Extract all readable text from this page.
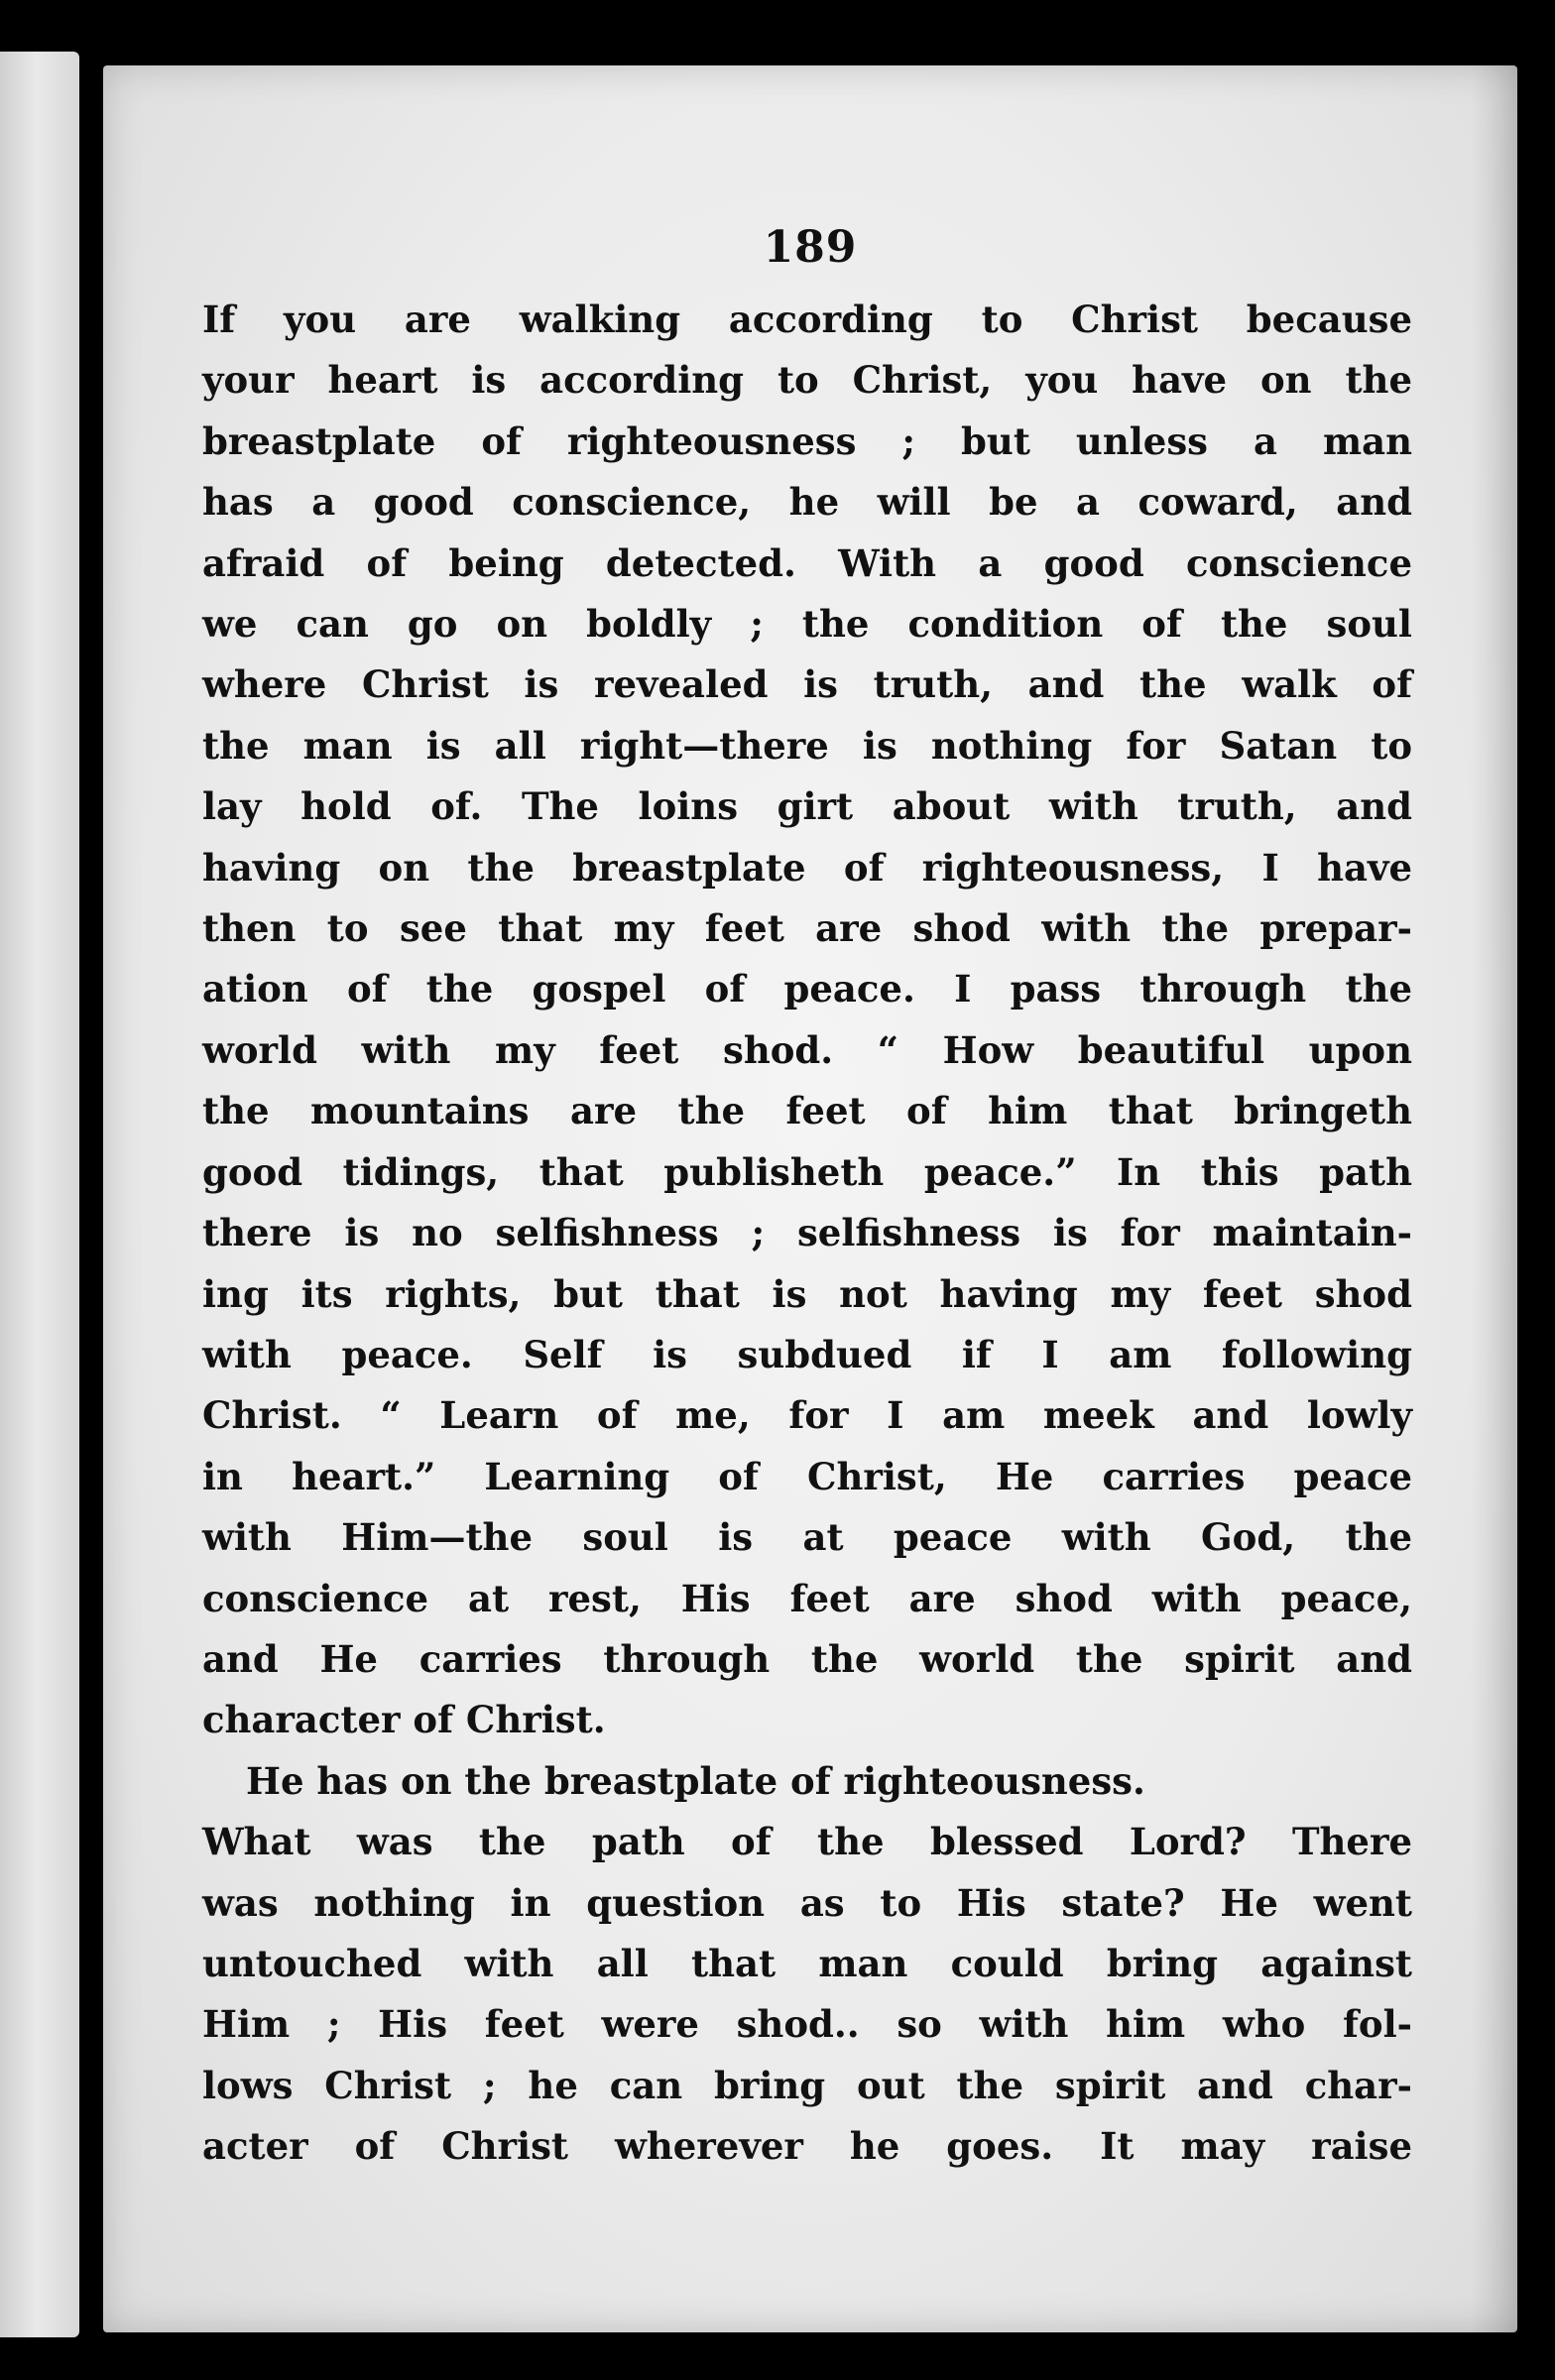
189
If you are walking according to Christ because
your heart is according to Christ, you have on the
breastplate of righteousness ; but unless a man
has a good conscience, he will be a coward, and
afraid of being detected. With a good conscience
we can go on boldly ; the condition of the soul
where Christ is revealed is truth, and the walk of
the man is all right—there is nothing for Satan to
lay hold of. The loins girt about with truth, and
having on the breastplate of righteousness, I have
then to see that my feet are shod with the prepar-
ation of the gospel of peace. I pass through the
world with my feet shod. “ How beautiful upon
the mountains are the feet of him that bringeth
good tidings, that publisheth peace.” In this path
there is no selfishness ; selfishness is for maintain-
ing its rights, but that is not having my feet shod
with peace. Self is subdued if I am following
Christ. “ Learn of me, for I am meek and lowly
in heart.” Learning of Christ, He carries peace
with Him—the soul is at peace with God, the
conscience at rest, His feet are shod with peace,
and He carries through the world the spirit and
character of Christ.
He has on the breastplate of righteousness.
What was the path of the blessed Lord? There
was nothing in question as to His state? He went
untouched with all that man could bring against
Him ; His feet were shod.. so with him who fol-
lows Christ ; he can bring out the spirit and char-
acter of Christ wherever he goes. It may raise
